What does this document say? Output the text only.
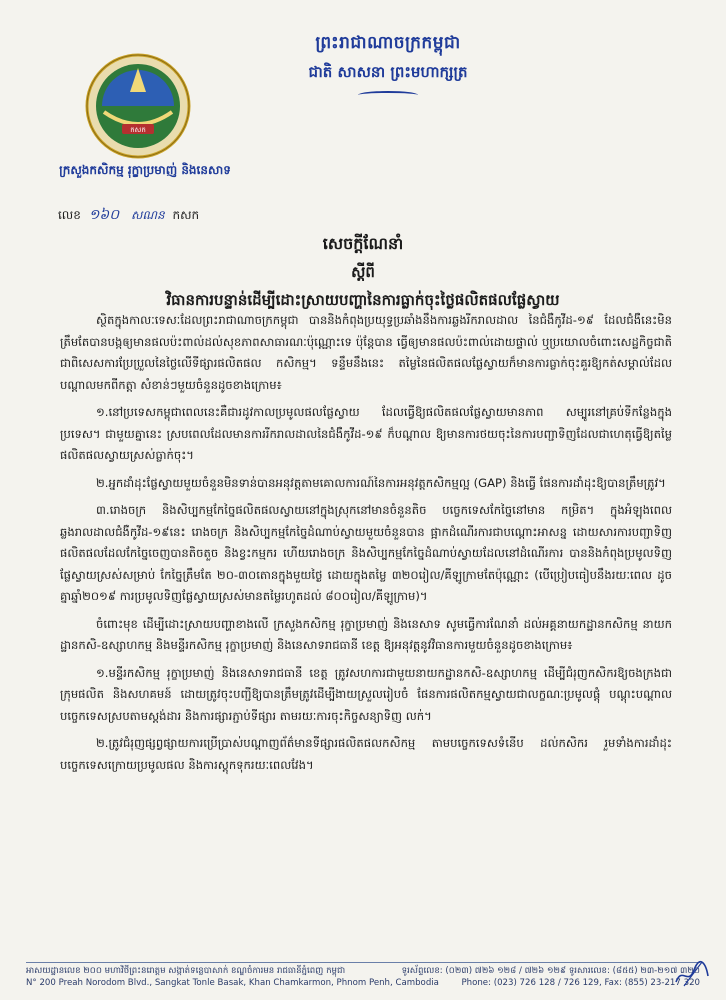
ព្រះរាជាណាចក្រកម្ពុជា
ជាតិ សាសនា ព្រះមហាក្សត្រ
កសក
ក្រសួងកសិកម្ម រុក្ខាប្រមាញ់ និងនេសាទ
លេខ ១៦០ សណន កសក
សេចក្តីណែនាំ
ស្តីពី
វិធានការបន្ទាន់ដើម្បីដោះស្រាយបញ្ហានៃការធ្លាក់ចុះថ្លៃផលិតផលផ្លែស្វាយ

ស្ថិតក្នុងកាលៈទេសៈដែលព្រះរាជាណាចក្រកម្ពុជា បាននិងកំពុងប្រយុទ្ធប្រឆាំងនឹងការឆ្លងរីករាលដាល នៃជំងឺកូវីដ-១៩ ដែលជំងឺនេះមិនត្រឹមតែបានបង្កឲ្យមានផលប៉ះពាល់ដល់សុខភាពសាធារណៈប៉ុណ្ណោះទេ ប៉ុន្តែបាន ធ្វើឲ្យមានផលប៉ះពាល់ដោយផ្ទាល់ ឬប្រយោលចំពោះសេដ្ឋកិច្ចជាតិ ជាពិសេសការប្រែប្រួលនៃថ្លៃលើទីផ្សារផលិតផល កសិកម្ម។ ទន្ទឹមនឹងនេះ តម្លៃនៃផលិតផលផ្លែស្វាយក៏មានការធ្លាក់ចុះគួរឱ្យកត់សម្គាល់ដែលបណ្តាលមកពីកត្តា សំខាន់ៗមួយចំនួនដូចខាងក្រោម៖

១.នៅប្រទេសកម្ពុជាពេលនេះគឺជារដូវកាលប្រមូលផលផ្លែស្វាយ ដែលធ្វើឱ្យផលិតផលផ្លែស្វាយមានភាព សម្បូរនៅគ្រប់ទីកន្លែងក្នុងប្រទេស។ ជាមួយគ្នានេះ ស្របពេលដែលមានការរីករាលដាលនៃជំងឺកូវីដ-១៩ ក៏បណ្តាល ឱ្យមានការថយចុះនៃការបញ្ជាទិញដែលជាហេតុធ្វើឱ្យតម្លៃផលិតផលស្វាយស្រស់ធ្លាក់ចុះ។

២.អ្នកដាំដុះផ្លែស្វាយមួយចំនួនមិនទាន់បានអនុវត្តតាមគោលការណ៍នៃការអនុវត្តកសិកម្មល្អ (GAP) និងធ្វើ ផែនការដាំដុះឱ្យបានត្រឹមត្រូវ។

៣.រោងចក្រ និងសិប្បកម្មកែច្នៃផលិតផលស្វាយនៅក្នុងស្រុកនៅមានចំនួនតិច បច្ចេកទេសកែច្នៃនៅមាន កម្រិត។ ក្នុងអំឡុងពេលឆ្លងរាលដាលជំងឺកូវីដ-១៩នេះ រោងចក្រ និងសិប្បកម្មកែច្នៃដំណាប់ស្វាយមួយចំនួនបាន ផ្អាកដំណើរការជាបណ្តោះអាសន្ន ដោយសារការបញ្ជាទិញផលិតផលដែលកែច្នៃចេញបានតិចតួច និងខ្វះកម្មករ ហើយរោងចក្រ និងសិប្បកម្មកែច្នៃដំណាប់ស្វាយដែលនៅដំណើរការ បាននិងកំពុងប្រមូលទិញផ្លែស្វាយស្រស់សម្រាប់ កែច្នៃត្រឹមតែ ២០-៣០តោនក្នុងមួយថ្ងៃ ដោយក្នុងតម្លៃ ៣២០រៀល/គីឡូក្រាមតែប៉ុណ្ណោះ (បើប្រៀបធៀបនឹងរយៈពេល ដូចគ្នាឆ្នាំ២០១៩ ការប្រមូលទិញផ្លែស្វាយស្រស់មានតម្លៃរហូតដល់ ៨០០រៀល/គីឡូក្រាម)។

ចំពោះមុខ ដើម្បីដោះស្រាយបញ្ហាខាងលើ ក្រសួងកសិកម្ម រុក្ខាប្រមាញ់ និងនេសាទ សូមធ្វើការណែនាំ ដល់អគ្គនាយកដ្ឋានកសិកម្ម នាយកដ្ឋានកសិ-ឧស្សាហកម្ម និងមន្ទីរកសិកម្ម រុក្ខាប្រមាញ់ និងនេសាទរាជធានី ខេត្ត ឱ្យអនុវត្តនូវវិធានការមួយចំនួនដូចខាងក្រោម៖

១.មន្ទីរកសិកម្ម រុក្ខាប្រមាញ់ និងនេសាទរាជធានី ខេត្ត ត្រូវសហការជាមួយនាយកដ្ឋានកសិ-ឧស្សាហកម្ម ដើម្បីជំរុញកសិករឱ្យចងក្រងជាក្រុមផលិត និងសហគមន៍ ដោយត្រូវចុះបញ្ជីឱ្យបានត្រឹមត្រូវដើម្បីងាយស្រួលរៀបចំ ផែនការផលិតកម្មស្វាយជាលក្ខណៈប្រមូលផ្តុំ បណ្តុះបណ្តាលបច្ចេកទេសស្របតាមស្តង់ដារ និងការផ្សារភ្ជាប់ទីផ្សារ តាមរយៈការចុះកិច្ចសន្យាទិញ លក់។

២.ត្រូវជំរុញផ្សព្វផ្សាយការប្រើប្រាស់បណ្តាញព័ត៌មានទីផ្សារផលិតផលកសិកម្ម តាមបច្ចេកទេសទំនើប ដល់កសិករ រួមទាំងការដាំដុះ បច្ចេកទេសក្រោយប្រមូលផល និងការស្តុកទុករយៈពេលវែង។

អាសយដ្ឋានលេខ ២០០ មហាវិថីព្រះនរោត្តម សង្កាត់ទន្លេបាសាក់ ខណ្ឌចំការមន រាជធានីភ្នំពេញ កម្ពុជា	ទូរស័ព្ទលេខ: (០២៣) ៧២៦ ១២៨ / ៧២៦ ១២៩ ទូរសារលេខ: (៨៥៥) ២៣-២១៧ ៣២០
N° 200 Preah Norodom Blvd., Sangkat Tonle Basak, Khan Chamkarmon, Phnom Penh, Cambodia	Phone: (023) 726 128 / 726 129, Fax: (855) 23-217 320
